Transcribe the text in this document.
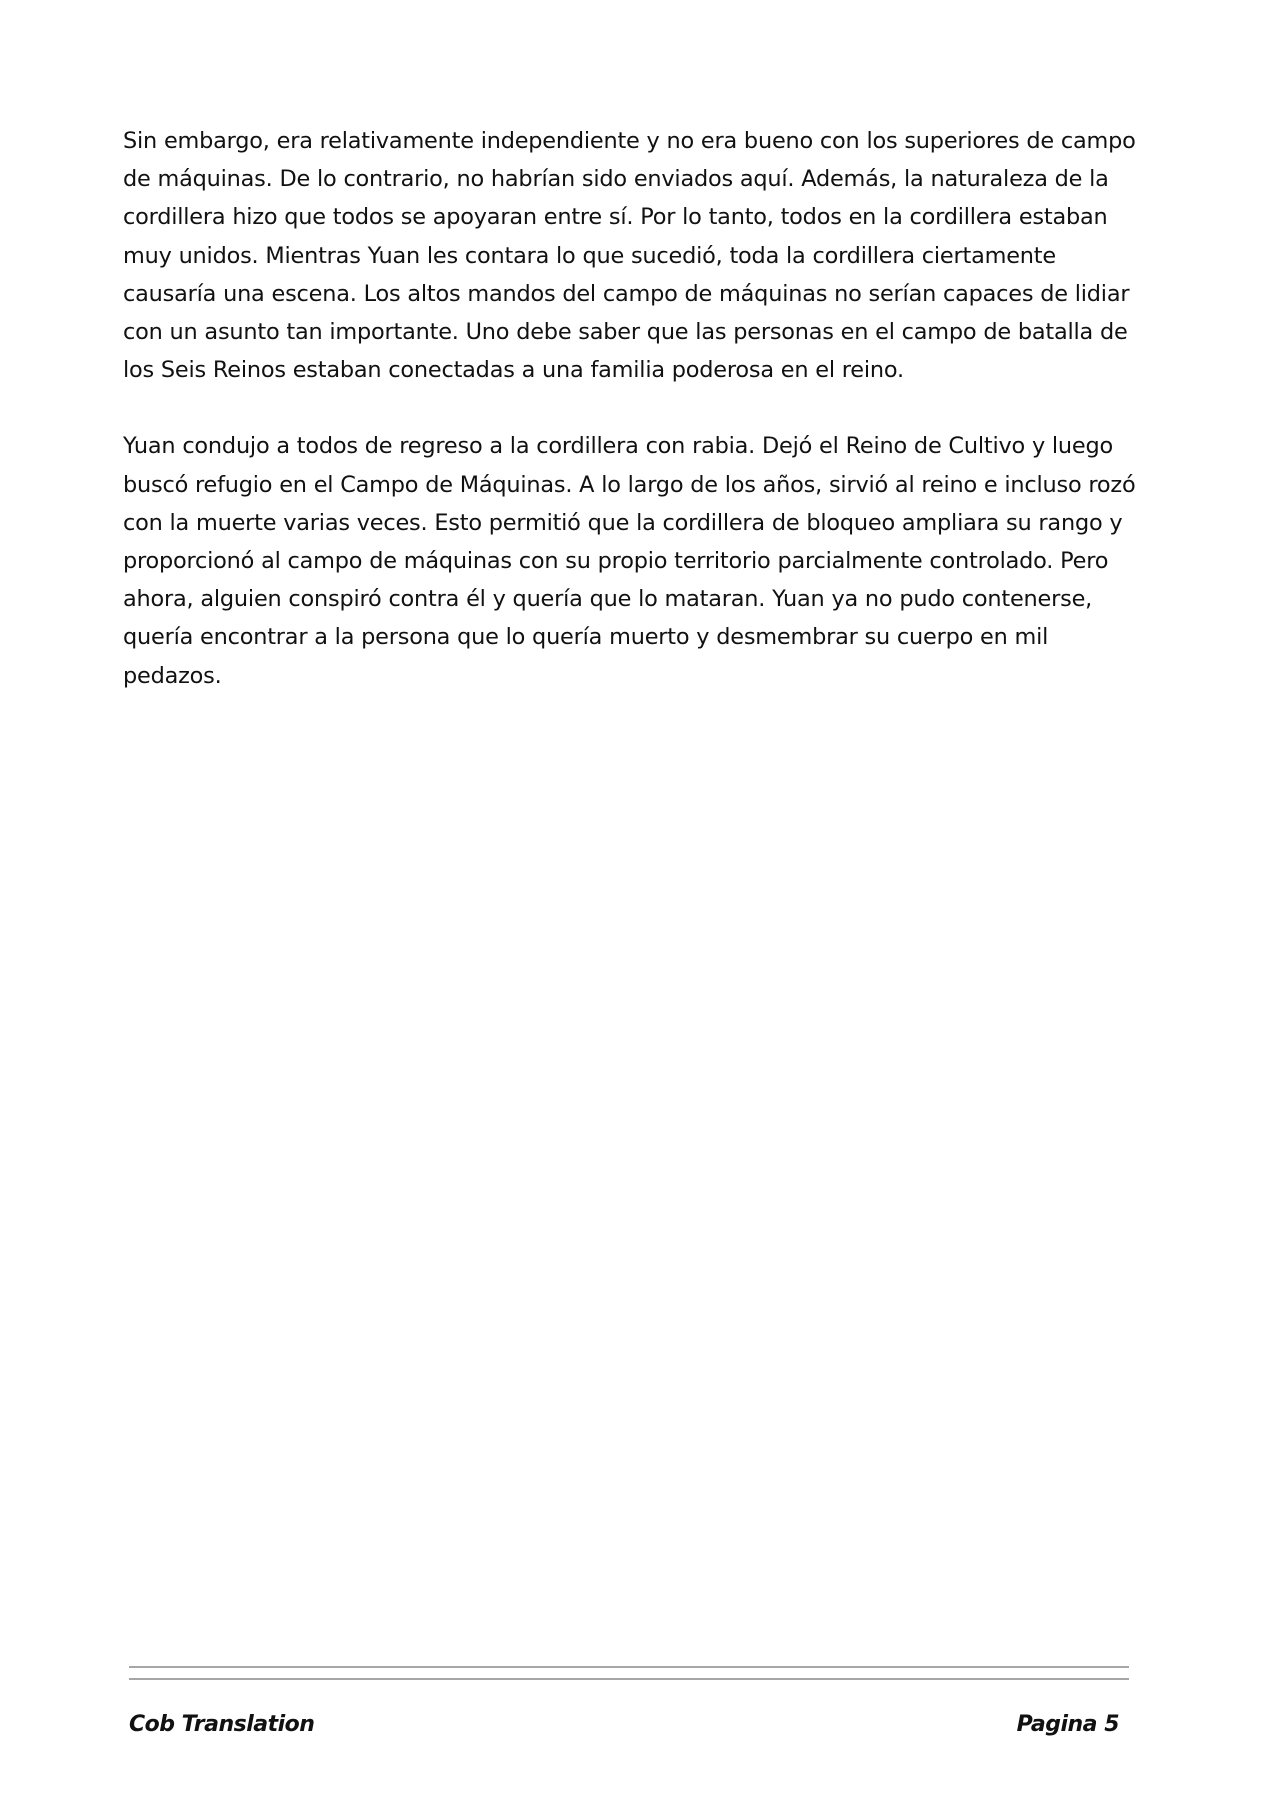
Sin embargo, era relativamente independiente y no era bueno con los superiores de campo de máquinas. De lo contrario, no habrían sido enviados aquí. Además, la naturaleza de la cordillera hizo que todos se apoyaran entre sí. Por lo tanto, todos en la cordillera estaban muy unidos. Mientras Yuan les contara lo que sucedió, toda la cordillera ciertamente causaría una escena. Los altos mandos del campo de máquinas no serían capaces de lidiar con un asunto tan importante. Uno debe saber que las personas en el campo de batalla de los Seis Reinos estaban conectadas a una familia poderosa en el reino.

Yuan condujo a todos de regreso a la cordillera con rabia. Dejó el Reino de Cultivo y luego buscó refugio en el Campo de Máquinas. A lo largo de los años, sirvió al reino e incluso rozó con la muerte varias veces. Esto permitió que la cordillera de bloqueo ampliara su rango y proporcionó al campo de máquinas con su propio territorio parcialmente controlado. Pero ahora, alguien conspiró contra él y quería que lo mataran. Yuan ya no pudo contenerse, quería encontrar a la persona que lo quería muerto y desmembrar su cuerpo en mil pedazos.

Cob Translation	Pagina 5
